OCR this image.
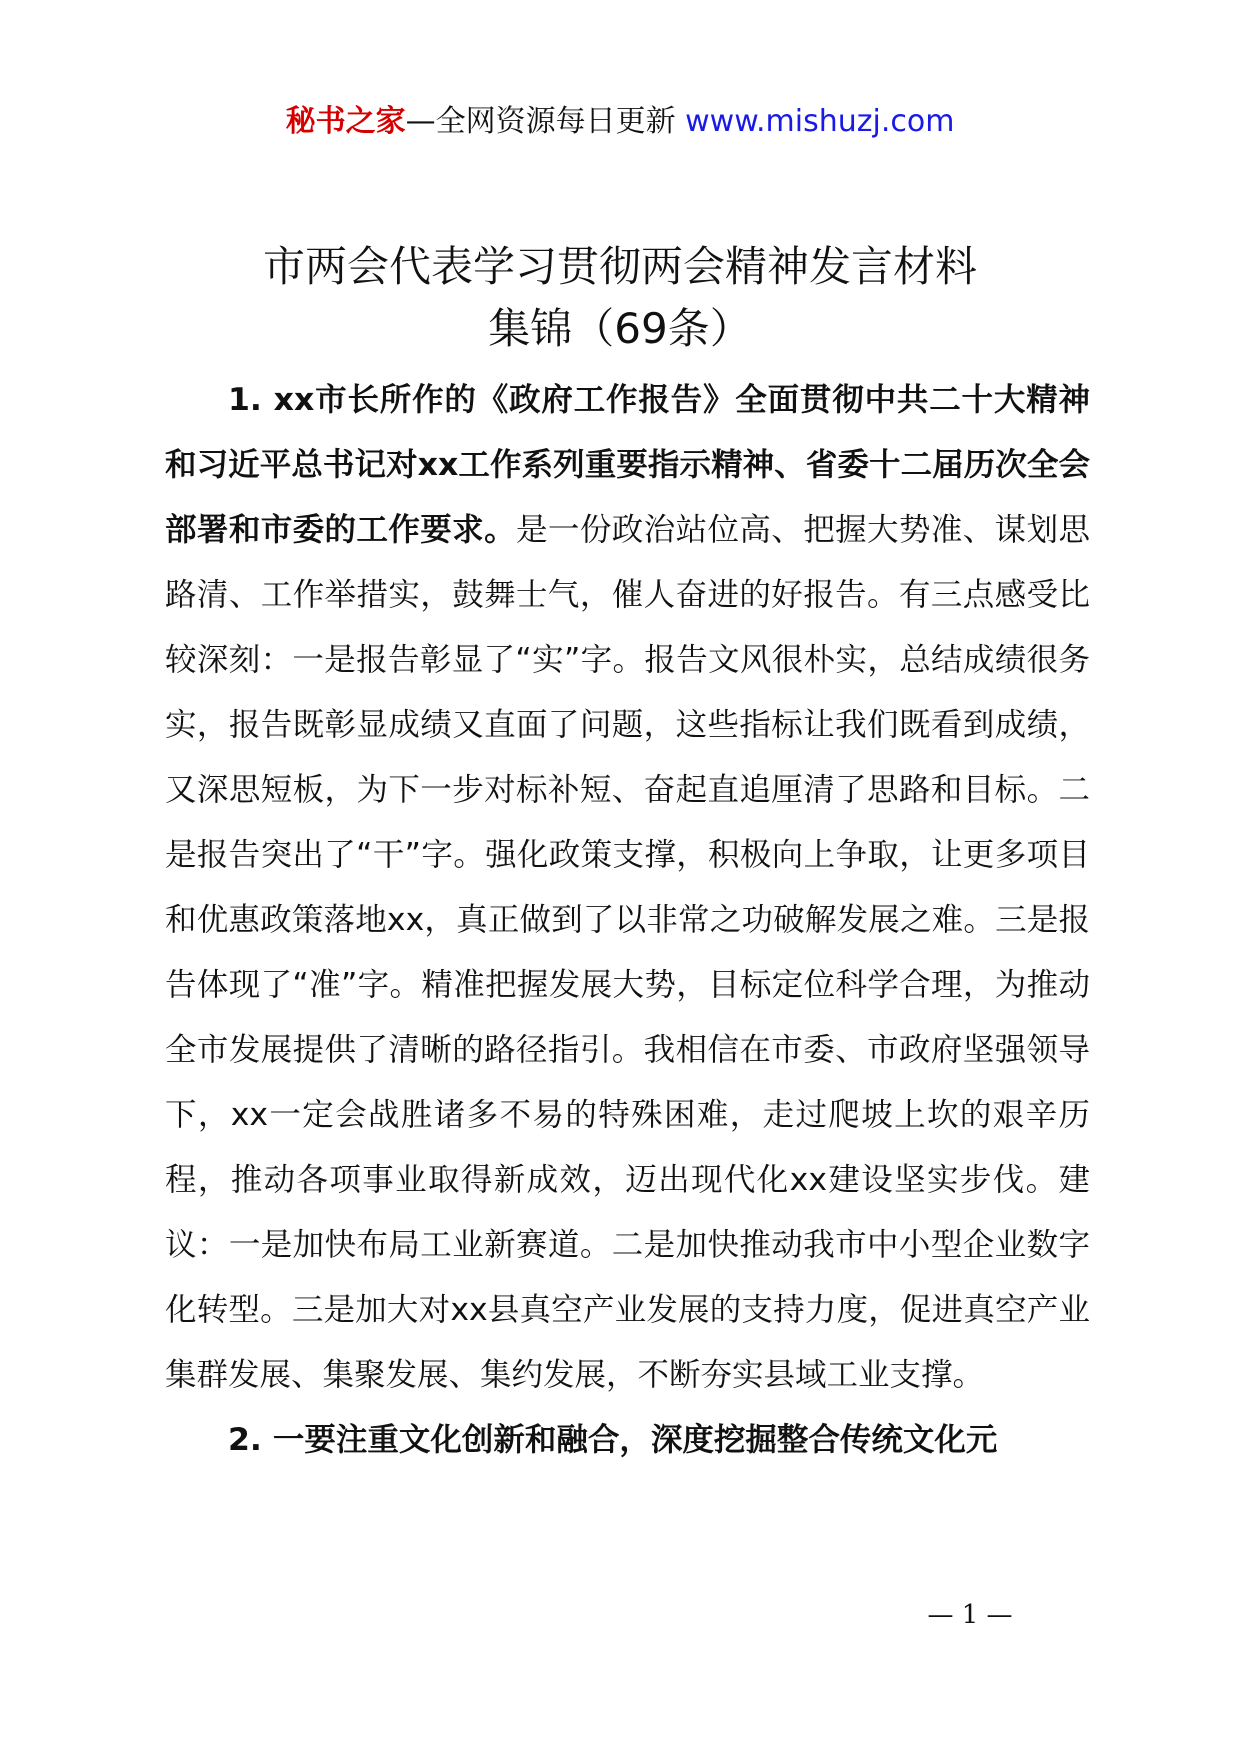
秘书之家—全网资源每日更新 www.mishuzj.com
市两会代表学习贯彻两会精神发言材料
集锦（69条）

1. xx市长所作的《政府工作报告》全面贯彻中共二十大精神和习近平总书记对xx工作系列重要指示精神、省委十二届历次全会部署和市委的工作要求。是一份政治站位高、把握大势准、谋划思路清、工作举措实，鼓舞士气，催人奋进的好报告。有三点感受比较深刻：一是报告彰显了“实”字。报告文风很朴实，总结成绩很务实，报告既彰显成绩又直面了问题，这些指标让我们既看到成绩，又深思短板，为下一步对标补短、奋起直追厘清了思路和目标。二是报告突出了“干”字。强化政策支撑，积极向上争取，让更多项目和优惠政策落地xx，真正做到了以非常之功破解发展之难。三是报告体现了“准”字。精准把握发展大势，目标定位科学合理，为推动全市发展提供了清晰的路径指引。我相信在市委、市政府坚强领导下，xx一定会战胜诸多不易的特殊困难，走过爬坡上坎的艰辛历程，推动各项事业取得新成效，迈出现代化xx建设坚实步伐。建议：一是加快布局工业新赛道。二是加快推动我市中小型企业数字化转型。三是加大对xx县真空产业发展的支持力度，促进真空产业集群发展、集聚发展、集约发展，不断夯实县域工业支撑。

2. 一要注重文化创新和融合，深度挖掘整合传统文化元

— 1 —
